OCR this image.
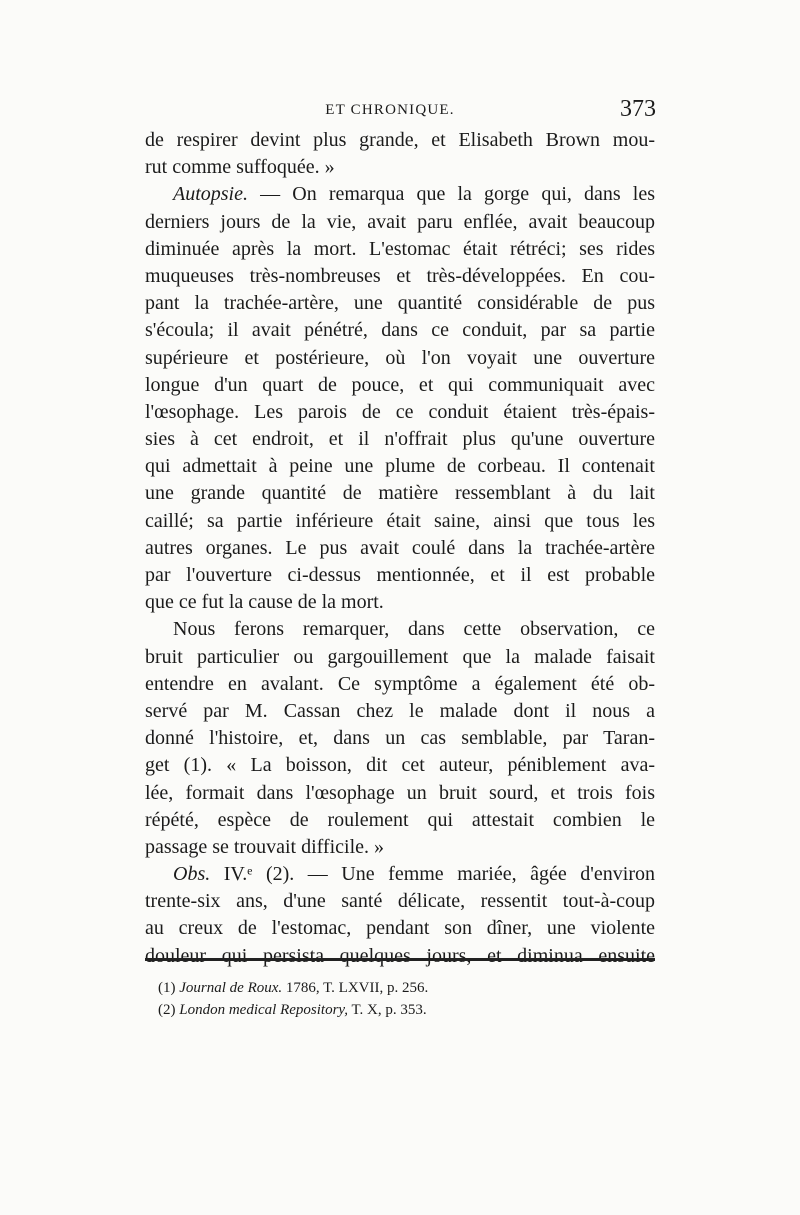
ET CHRONIQUE.	373
de respirer devint plus grande, et Elisabeth Brown mou-
rut comme suffoquée. »
Autopsie. — On remarqua que la gorge qui, dans les
derniers jours de la vie, avait paru enflée, avait beaucoup
diminuée après la mort. L'estomac était rétréci; ses rides
muqueuses très-nombreuses et très-développées. En cou-
pant la trachée-artère, une quantité considérable de pus
s'écoula; il avait pénétré, dans ce conduit, par sa partie
supérieure et postérieure, où l'on voyait une ouverture
longue d'un quart de pouce, et qui communiquait avec
l'œsophage. Les parois de ce conduit étaient très-épais-
sies à cet endroit, et il n'offrait plus qu'une ouverture
qui admettait à peine une plume de corbeau. Il contenait
une grande quantité de matière ressemblant à du lait
caillé; sa partie inférieure était saine, ainsi que tous les
autres organes. Le pus avait coulé dans la trachée-artère
par l'ouverture ci-dessus mentionnée, et il est probable
que ce fut la cause de la mort.
Nous ferons remarquer, dans cette observation, ce
bruit particulier ou gargouillement que la malade faisait
entendre en avalant. Ce symptôme a également été ob-
servé par M. Cassan chez le malade dont il nous a
donné l'histoire, et, dans un cas semblable, par Taran-
get (1). « La boisson, dit cet auteur, péniblement ava-
lée, formait dans l'œsophage un bruit sourd, et trois fois
répété, espèce de roulement qui attestait combien le
passage se trouvait difficile. »
Obs. IV.ᵉ (2). — Une femme mariée, âgée d'environ
trente-six ans, d'une santé délicate, ressentit tout-à-coup
au creux de l'estomac, pendant son dîner, une violente
douleur qui persista quelques jours, et diminua ensuite
(1) Journal de Roux. 1786, T. LXVII, p. 256.
(2) London medical Repository, T. X, p. 353.
